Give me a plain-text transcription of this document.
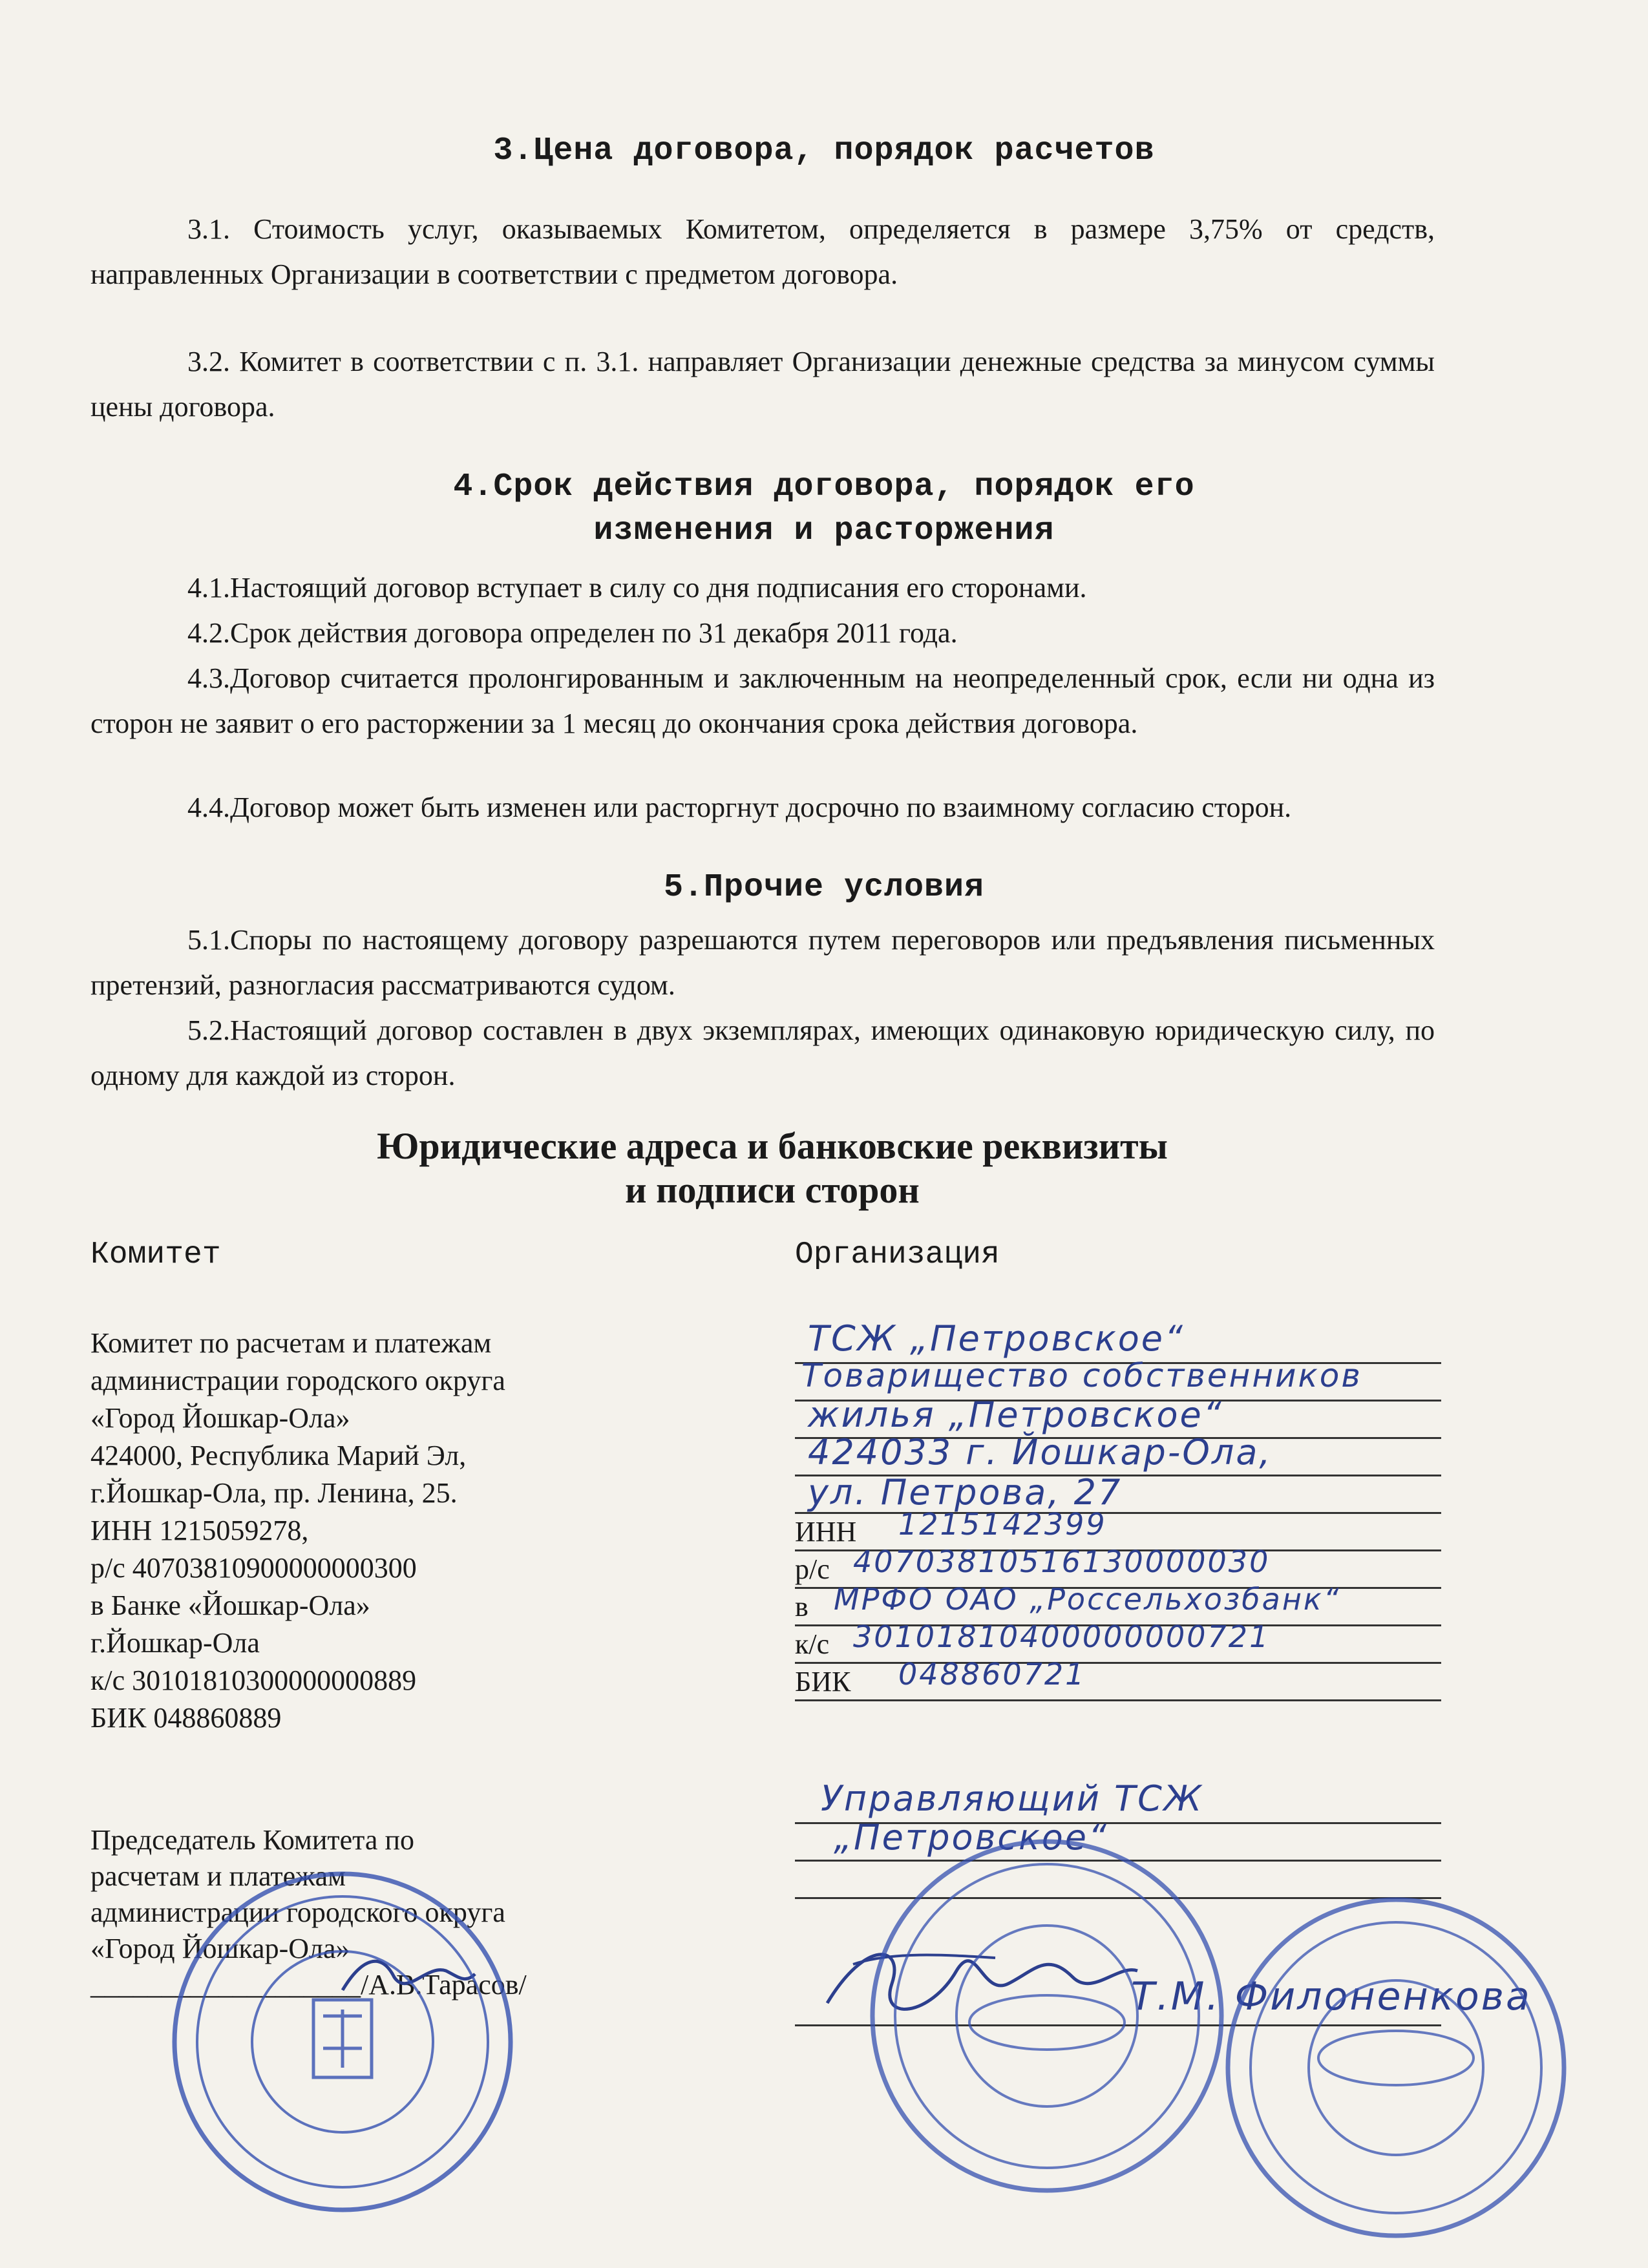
3.Цена договора, порядок расчетов
3.1. Стоимость услуг, оказываемых Комитетом, определяется в размере 3,75% от средств, направленных Организации в соответствии с предметом договора.
3.2. Комитет в соответствии с п. 3.1. направляет Организации денежные средства за минусом суммы цены договора.
4.Срок действия договора, порядок его
изменения и расторжения
4.1.Настоящий договор вступает в силу со дня подписания его сторонами.
4.2.Срок действия договора определен по 31 декабря 2011 года.
4.3.Договор считается пролонгированным и заключенным на неопределенный срок, если ни одна из сторон не заявит о его расторжении за 1 месяц до окончания срока действия договора.
4.4.Договор может быть изменен или расторгнут досрочно по взаимному согласию сторон.
5.Прочие условия
5.1.Споры по настоящему договору разрешаются путем переговоров или предъявления письменных претензий, разногласия рассматриваются судом.
5.2.Настоящий договор составлен в двух экземплярах, имеющих одинаковую юридическую силу, по одному для каждой из сторон.
Юридические адреса и банковские реквизиты
и подписи сторон
Комитет	Организация
Комитет по расчетам и платежам
администрации городского округа
«Город Йошкар-Ола»
424000, Республика Марий Эл,
г.Йошкар-Ола, пр. Ленина, 25.
ИНН 1215059278,
р/с 40703810900000000300
в Банке «Йошкар-Ола»
г.Йошкар-Ола
к/с 30101810300000000889
БИК 048860889
Председатель Комитета по
расчетам и платежам
администрации городского округа
«Город Йошкар-Ола»
___________________/А.В.Тарасов/
ИНН
р/с
в
к/с
БИК
ТСЖ „Петровское“
Товарищество собственников
жилья „Петровское“
424033 г. Йошкар-Ола,
ул. Петрова, 27
1215142399
40703810516130000030
МРФО ОАО „Россельхозбанк“
30101810400000000721
048860721
Управляющий ТСЖ
„Петровское“
Т.М. Филоненкова
